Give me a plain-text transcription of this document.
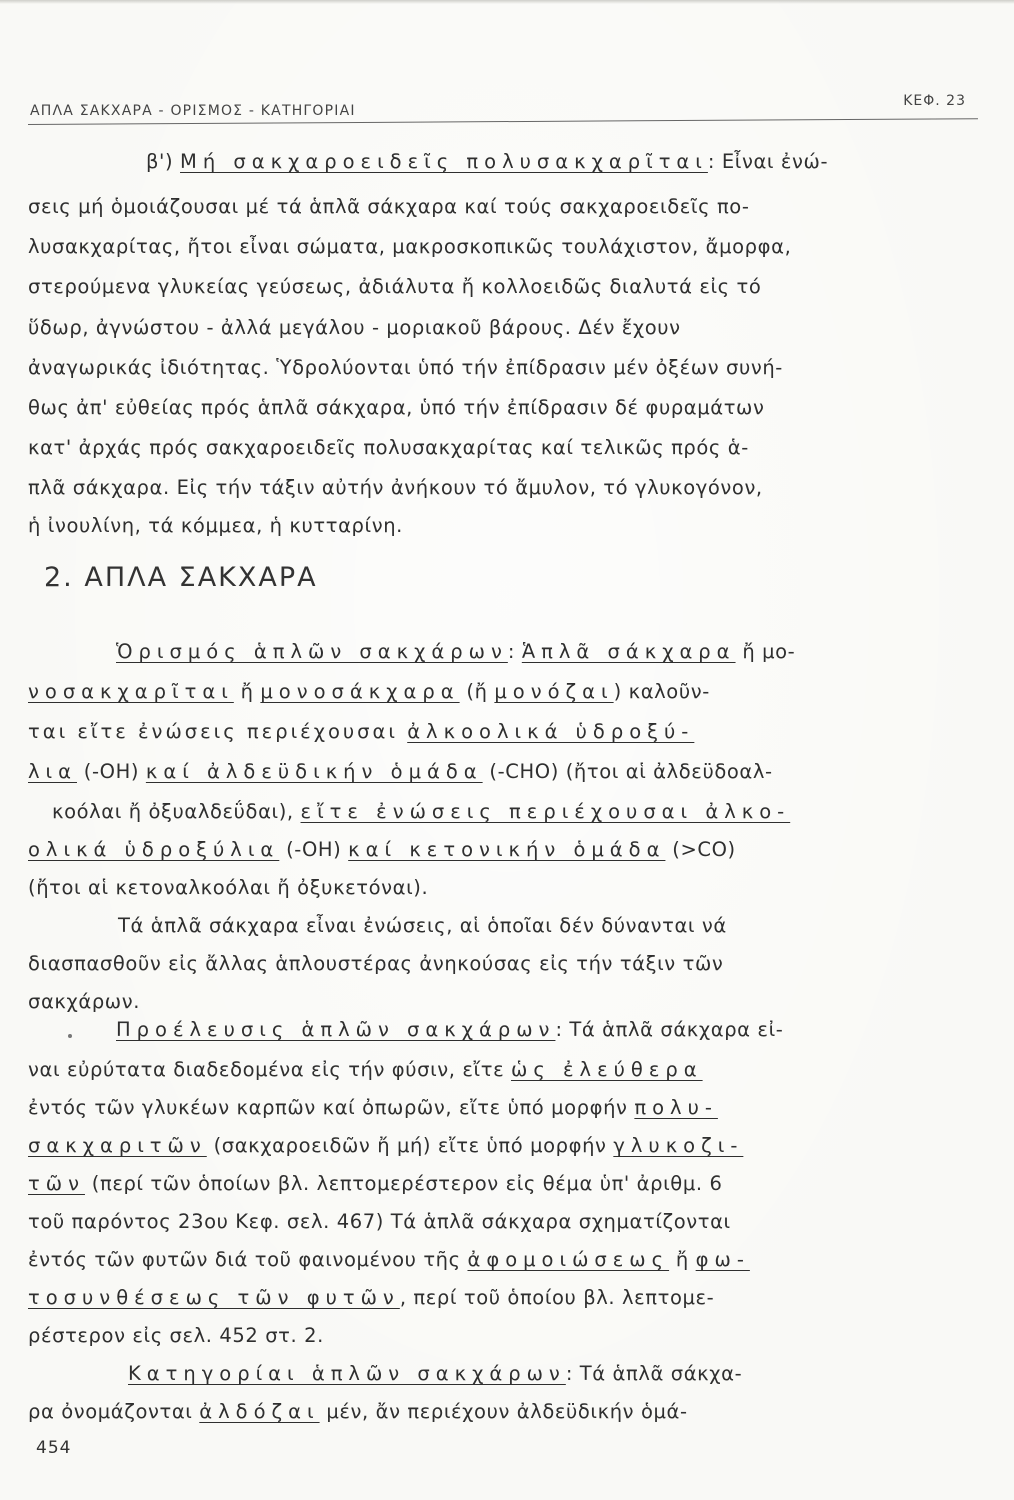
ΑΠΛΑ ΣΑΚΧΑΡΑ - ΟΡΙΣΜΟΣ - ΚΑΤΗΓΟΡΙΑΙ
ΚΕΦ. 23
β') Μή σακχαροειδεῖς πολυσακχαρῖται: Εἶναι ἐνώ-
σεις μή ὁμοιάζουσαι μέ τά ἁπλᾶ σάκχαρα καί τούς σακχαροειδεῖς πο-
λυσακχαρίτας, ἤτοι εἶναι σώματα, μακροσκοπικῶς τουλάχιστον, ἄμορφα,
στερούμενα γλυκείας γεύσεως, ἀδιάλυτα ἤ κολλοειδῶς διαλυτά εἰς τό
ὕδωρ, ἀγνώστου - ἀλλά μεγάλου - μοριακοῦ βάρους. Δέν ἔχουν
ἀναγωρικάς ἰδιότητας. Ὑδρολύονται ὑπό τήν ἐπίδρασιν μέν ὀξέων συνή-
θως ἀπ' εὐθείας πρός ἁπλᾶ σάκχαρα, ὑπό τήν ἐπίδρασιν δέ φυραμάτων
κατ' ἀρχάς πρός σακχαροειδεῖς πολυσακχαρίτας καί τελικῶς πρός ἁ-
πλᾶ σάκχαρα. Εἰς τήν τάξιν αὐτήν ἀνήκουν τό ἄμυλον, τό γλυκογόνον,
ἡ ἰνουλίνη, τά κόμμεα, ἡ κυτταρίνη.
2. ΑΠΛΑ ΣΑΚΧΑΡΑ
Ὁρισμός ἁπλῶν σακχάρων: Ἁπλᾶ σάκχαρα ἤ μο-
νοσακχαρῖται ἤ μονοσάκχαρα (ἤ μονόζαι) καλοῦν-
ται εἴτε ἐνώσεις περιέχουσαι ἀλκοολικά ὑδροξύ-
λια (-OH) καί ἀλδεϋδικήν ὁμάδα (-CHO) (ἤτοι αἱ ἀλδεϋδοαλ-
κοόλαι ἤ ὀξυαλδεΰδαι), εἴτε ἐνώσεις περιέχουσαι ἀλκο-
ολικά ὑδροξύλια (-OH) καί κετονικήν ὁμάδα (>CO)
(ἤτοι αἱ κετοναλκοόλαι ἤ ὀξυκετόναι).
Τά ἁπλᾶ σάκχαρα εἶναι ἐνώσεις, αἱ ὁποῖαι δέν δύνανται νά
διασπασθοῦν εἰς ἄλλας ἁπλουστέρας ἀνηκούσας εἰς τήν τάξιν τῶν
σακχάρων.
Προέλευσις ἁπλῶν σακχάρων: Τά ἁπλᾶ σάκχαρα εἰ-
ναι εὐρύτατα διαδεδομένα εἰς τήν φύσιν, εἴτε ὡς ἐλεύθερα
ἐντός τῶν γλυκέων καρπῶν καί ὀπωρῶν, εἴτε ὑπό μορφήν πολυ-
σακχαριτῶν (σακχαροειδῶν ἤ μή) εἴτε ὑπό μορφήν γλυκοζι-
τῶν (περί τῶν ὁποίων βλ. λεπτομερέστερον εἰς θέμα ὑπ' ἀριθμ. 6
τοῦ παρόντος 23ου Κεφ. σελ. 467) Τά ἁπλᾶ σάκχαρα σχηματίζονται
ἐντός τῶν φυτῶν διά τοῦ φαινομένου τῆς ἀφομοιώσεως ἤ φω-
τοσυνθέσεως τῶν φυτῶν, περί τοῦ ὁποίου βλ. λεπτομε-
ρέστερον εἰς σελ. 452 στ. 2.
Κατηγορίαι ἁπλῶν σακχάρων: Τά ἁπλᾶ σάκχα-
ρα ὀνομάζονται ἀλδόζαι μέν, ἄν περιέχουν ἀλδεϋδικήν ὁμά-
454
